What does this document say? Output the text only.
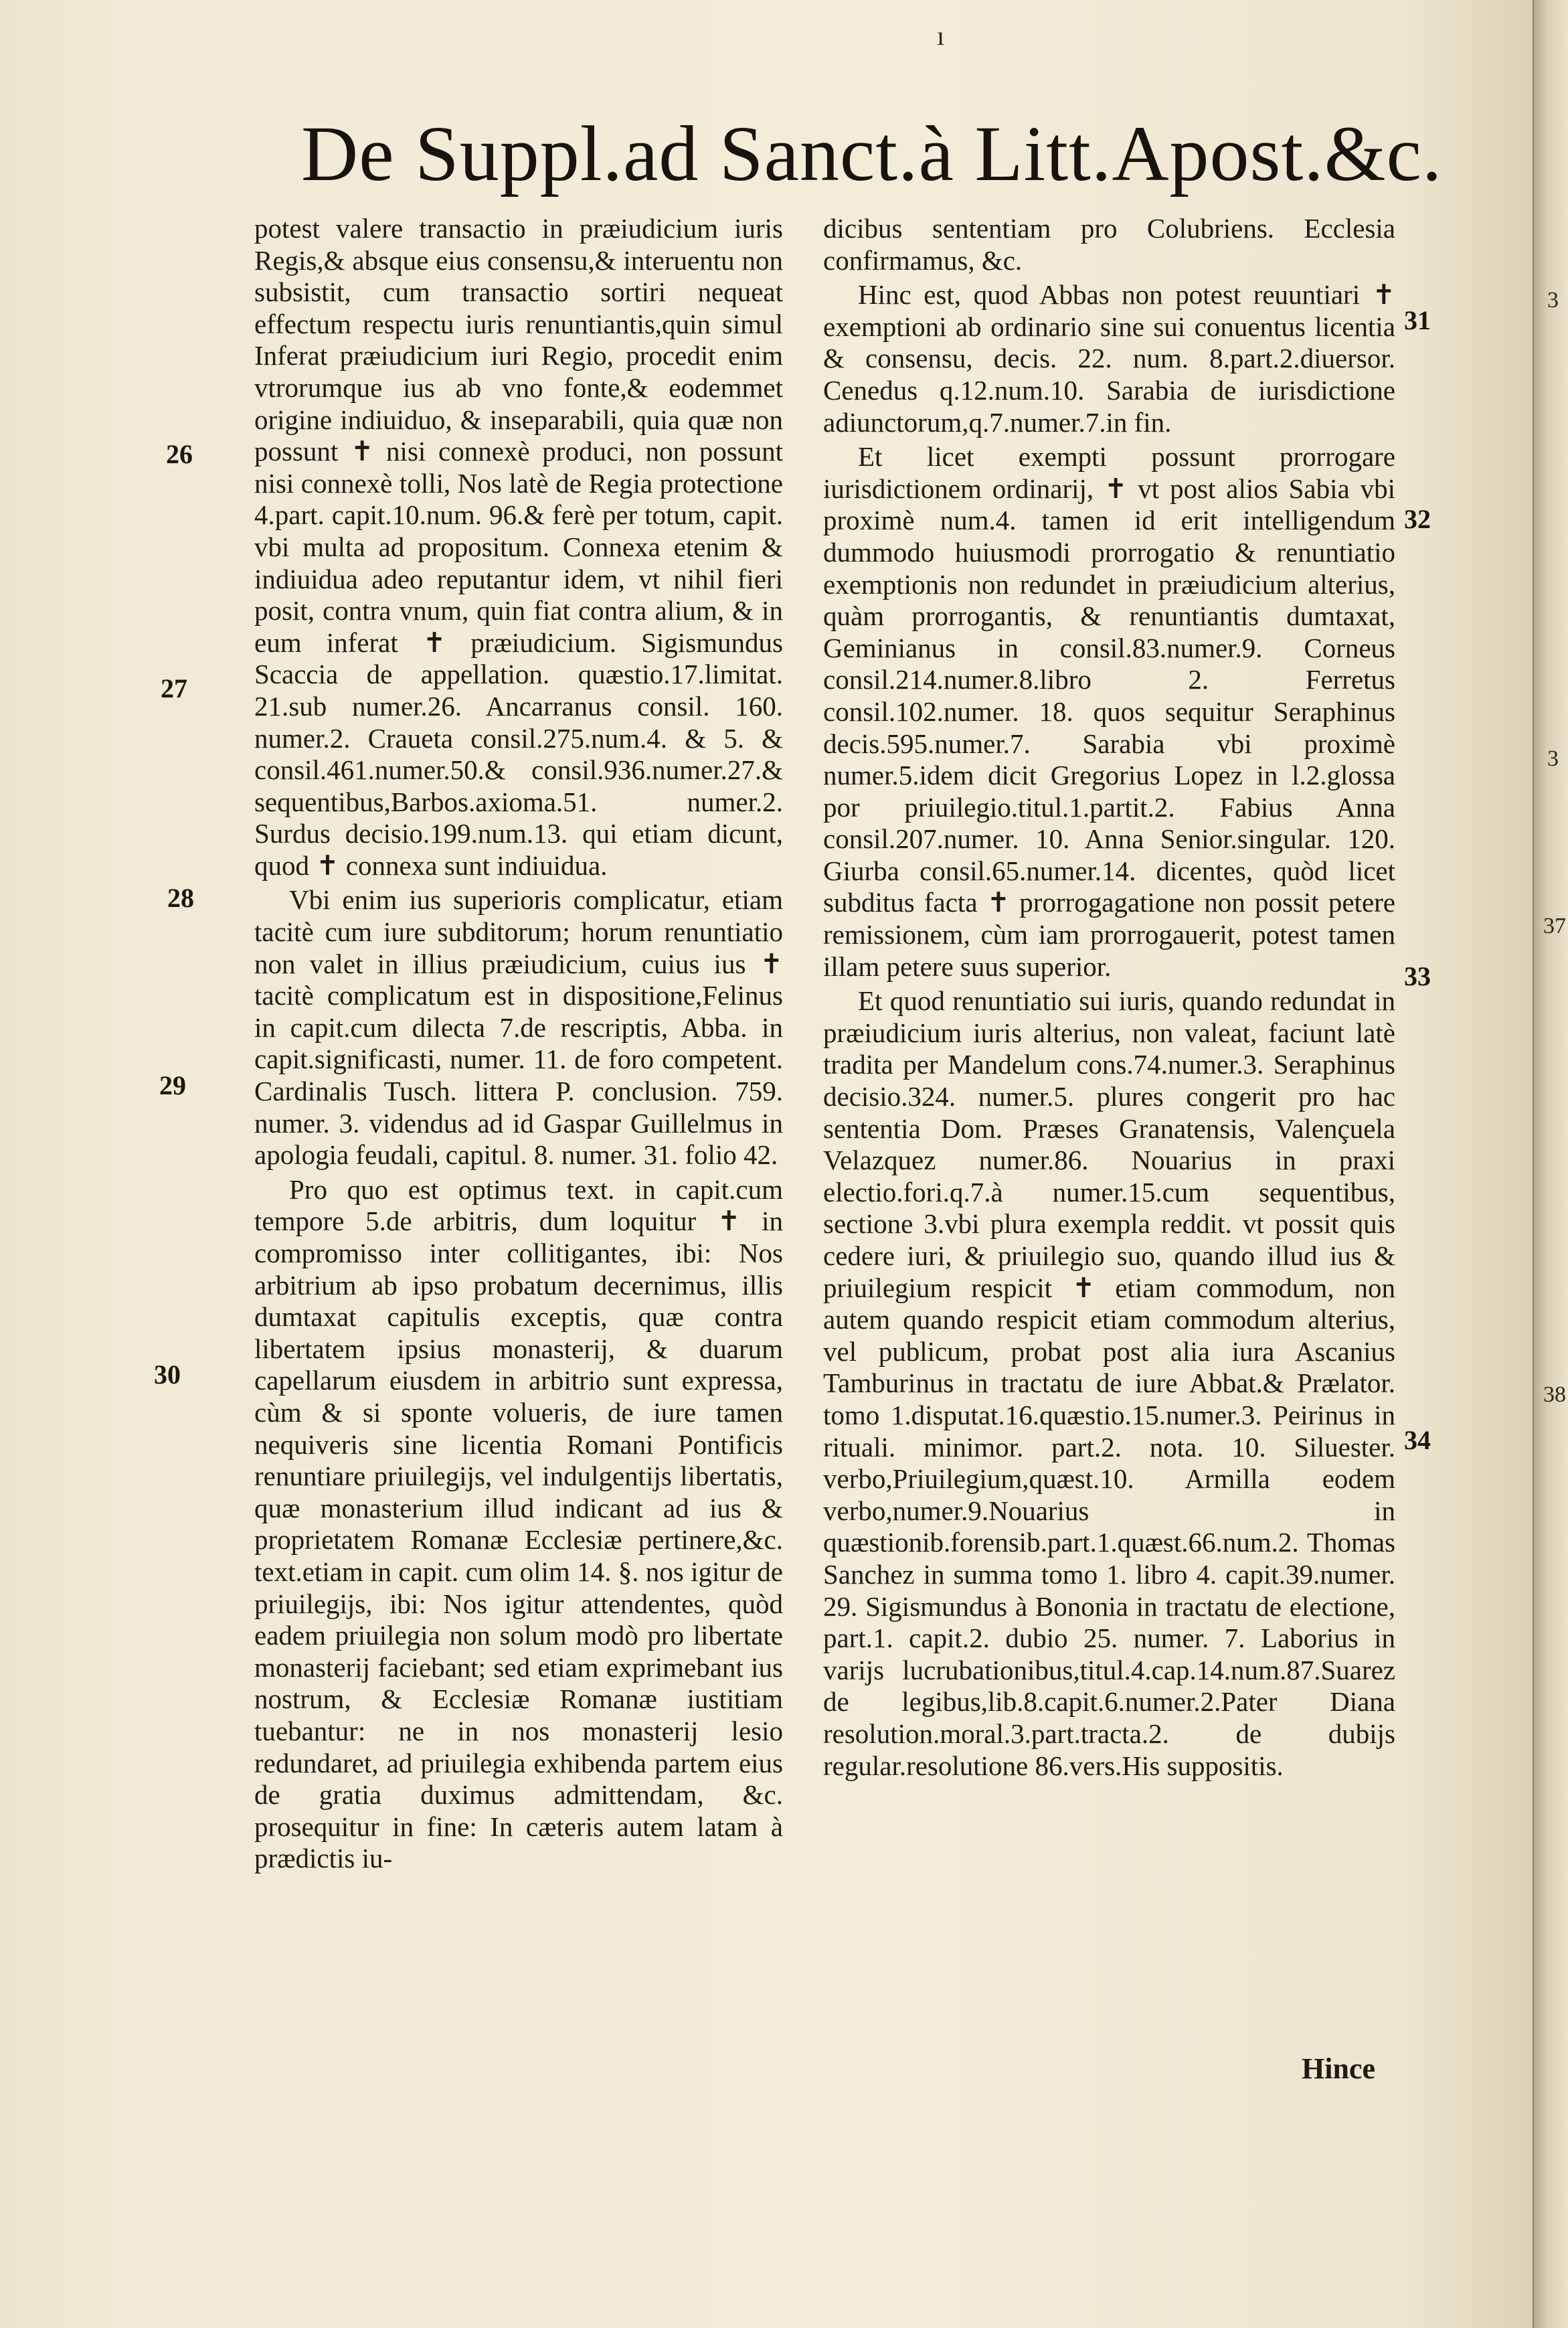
ı
De Suppl.ad Sanct.à Litt.Apost.&c.

potest valere transactio in præiudicium iuris Regis,& absque eius consensu,& interuentu non subsistit, cum transactio sortiri nequeat effectum respectu iuris renuntiantis,quin simul Inferat præiudicium iuri Regio, procedit enim vtrorumque ius ab vno fonte,& eodemmet origine indiuiduo, & inseparabili, quia quæ non possunt ✝ nisi connexè produci, non possunt nisi connexè tolli, Nos latè de Regia protectione 4.part. capit.10.num. 96.& ferè per totum, capit. vbi multa ad propositum. Connexa etenim & indiuidua adeo reputantur idem, vt nihil fieri posit, contra vnum, quin fiat contra alium, & in eum inferat ✝ præiudicium. Sigismundus Scaccia de appellation. quæstio.17.limitat. 21.sub numer.26. Ancarranus consil. 160. numer.2. Craueta consil.275.num.4. & 5. & consil.461.numer.50.& consil.936.numer.27.& sequentibus,Barbos.axioma.51. numer.2. Surdus decisio.199.num.13. qui etiam dicunt, quod ✝ connexa sunt indiuidua.

Vbi enim ius superioris complicatur, etiam tacitè cum iure subditorum; horum renuntiatio non valet in illius præiudicium, cuius ius ✝ tacitè complicatum est in dispositione,Felinus in capit.cum dilecta 7.de rescriptis, Abba. in capit.significasti, numer. 11. de foro competent. Cardinalis Tusch. littera P. conclusion. 759. numer. 3. videndus ad id Gaspar Guillelmus in apologia feudali, capitul. 8. numer. 31. folio 42.

Pro quo est optimus text. in capit.cum tempore 5.de arbitris, dum loquitur ✝ in compromisso inter collitigantes, ibi: Nos arbitrium ab ipso probatum decernimus, illis dumtaxat capitulis exceptis, quæ contra libertatem ipsius monasterij, & duarum capellarum eiusdem in arbitrio sunt expressa, cùm & si sponte volueris, de iure tamen nequiveris sine licentia Romani Pontificis renuntiare priuilegijs, vel indulgentijs libertatis, quæ monasterium illud indicant ad ius & proprietatem Romanæ Ecclesiæ pertinere,&c. text.etiam in capit. cum olim 14. §. nos igitur de priuilegijs, ibi: Nos igitur attendentes, quòd eadem priuilegia non solum modò pro libertate monasterij faciebant; sed etiam exprimebant ius nostrum, & Ecclesiæ Romanæ iustitiam tuebantur: ne in nos monasterij lesio redundaret, ad priuilegia exhibenda partem eius de gratia duximus admittendam, &c. prosequitur in fine: In cæteris autem latam à prædictis iu-

dicibus sententiam pro Colubriens. Ecclesia confirmamus, &c.

Hinc est, quod Abbas non potest reuuntiari ✝ exemptioni ab ordinario sine sui conuentus licentia & consensu, decis. 22. num. 8.part.2.diuersor. Cenedus q.12.num.10. Sarabia de iurisdictione adiunctorum,q.7.numer.7.in fin.

Et licet exempti possunt prorrogare iurisdictionem ordinarij, ✝ vt post alios Sabia vbi proximè num.4. tamen id erit intelligendum dummodo huiusmodi prorrogatio & renuntiatio exemptionis non redundet in præiudicium alterius, quàm prorrogantis, & renuntiantis dumtaxat, Geminianus in consil.83.numer.9. Corneus consil.214.numer.8.libro 2. Ferretus consil.102.numer. 18. quos sequitur Seraphinus decis.595.numer.7. Sarabia vbi proximè numer.5.idem dicit Gregorius Lopez in l.2.glossa por priuilegio.titul.1.partit.2. Fabius Anna consil.207.numer. 10. Anna Senior.singular. 120. Giurba consil.65.numer.14. dicentes, quòd licet subditus facta ✝ prorrogagatione non possit petere remissionem, cùm iam prorrogauerit, potest tamen illam petere suus superior.

Et quod renuntiatio sui iuris, quando redundat in præiudicium iuris alterius, non valeat, faciunt latè tradita per Mandelum cons.74.numer.3. Seraphinus decisio.324. numer.5. plures congerit pro hac sententia Dom. Præses Granatensis, Valençuela Velazquez numer.86. Nouarius in praxi electio.fori.q.7.à numer.15.cum sequentibus, sectione 3.vbi plura exempla reddit. vt possit quis cedere iuri, & priuilegio suo, quando illud ius & priuilegium respicit ✝ etiam commodum, non autem quando respicit etiam commodum alterius, vel publicum, probat post alia iura Ascanius Tamburinus in tractatu de iure Abbat.& Prælator. tomo 1.disputat.16.quæstio.15.numer.3. Peirinus in rituali. minimor. part.2. nota. 10. Siluester. verbo,Priuilegium,quæst.10. Armilla eodem verbo,numer.9.Nouarius in quæstionib.forensib.part.1.quæst.66.num.2. Thomas Sanchez in summa tomo 1. libro 4. capit.39.numer. 29. Sigismundus à Bononia in tractatu de electione, part.1. capit.2. dubio 25. numer. 7. Laborius in varijs lucrubationibus,titul.4.cap.14.num.87.Suarez de legibus,lib.8.capit.6.numer.2.Pater Diana resolution.moral.3.part.tracta.2. de dubijs regular.resolutione 86.vers.His suppositis.

26
27
28
29
30
31
32
33
34
Hince
3
3
37
38
